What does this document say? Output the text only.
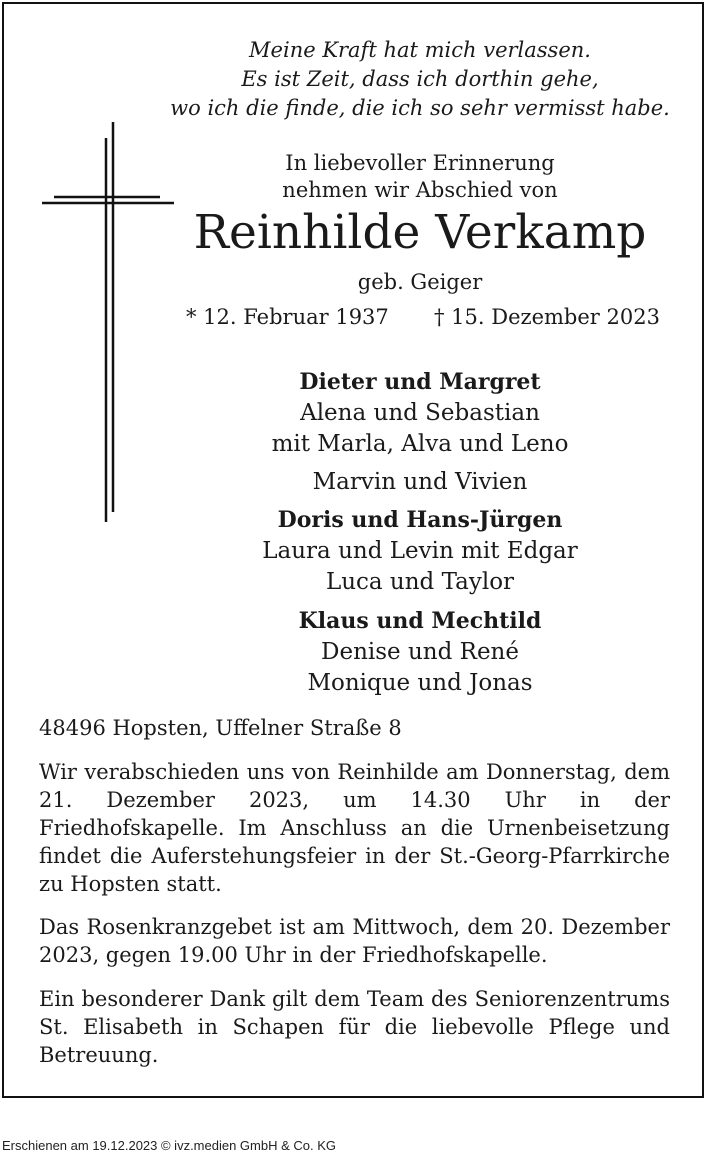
Meine Kraft hat mich verlassen.
Es ist Zeit, dass ich dorthin gehe,
wo ich die finde, die ich so sehr vermisst habe.
In liebevoller Erinnerung
nehmen wir Abschied von
Reinhilde Verkamp
geb. Geiger
* 12. Februar 1937 † 15. Dezember 2023
Dieter und Margret
Alena und Sebastian
mit Marla, Alva und Leno
Marvin und Vivien
Doris und Hans-Jürgen
Laura und Levin mit Edgar
Luca und Taylor
Klaus und Mechtild
Denise und René
Monique und Jonas
48496 Hopsten, Uffelner Straße 8
Wir verabschieden uns von Reinhilde am Donnerstag, dem 21. Dezember 2023, um 14.30 Uhr in der Friedhofskapelle. Im Anschluss an die Urnenbeisetzung findet die Auferstehungsfeier in der St.-Georg-Pfarrkirche zu Hopsten statt.
Das Rosenkranzgebet ist am Mittwoch, dem 20. Dezember 2023, gegen 19.00 Uhr in der Friedhofskapelle.
Ein besonderer Dank gilt dem Team des Seniorenzentrums St. Elisabeth in Schapen für die liebevolle Pflege und Betreuung.
Erschienen am 19.12.2023 © ivz.medien GmbH & Co. KG
